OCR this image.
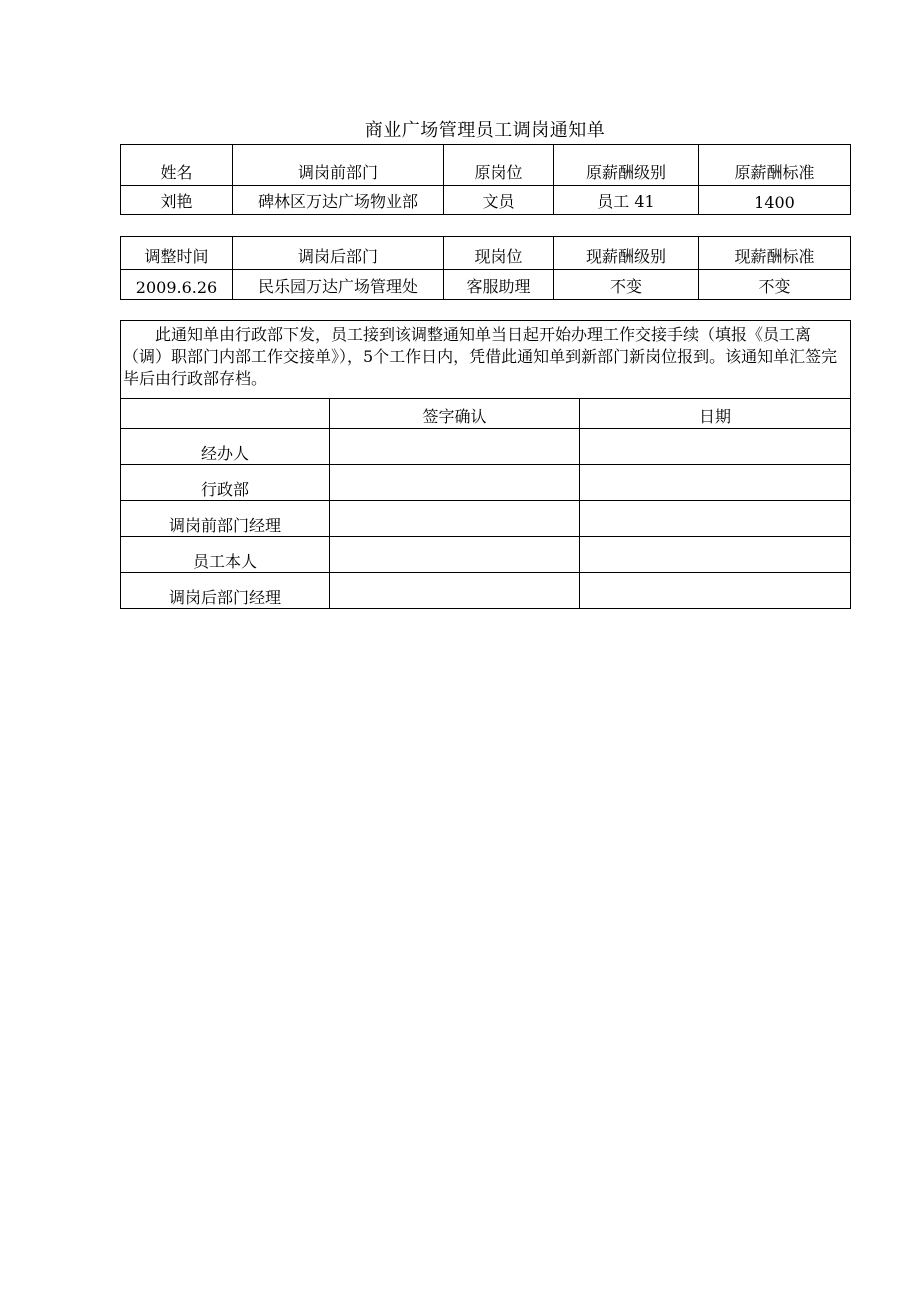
商业广场管理员工调岗通知单
姓名	调岗前部门	原岗位	原薪酬级别	原薪酬标准
刘艳	碑林区万达广场物业部	文员	员工 41	1400
调整时间	调岗后部门	现岗位	现薪酬级别	现薪酬标准
2009.6.26	民乐园万达广场管理处	客服助理	不变	不变
此通知单由行政部下发，员工接到该调整通知单当日起开始办理工作交接手续（填报《员工离（调）职部门内部工作交接单》），5个工作日内，凭借此通知单到新部门新岗位报到。该通知单汇签完毕后由行政部存档。		
	签字确认	日期
经办人		
行政部		
调岗前部门经理		
员工本人		
调岗后部门经理		
